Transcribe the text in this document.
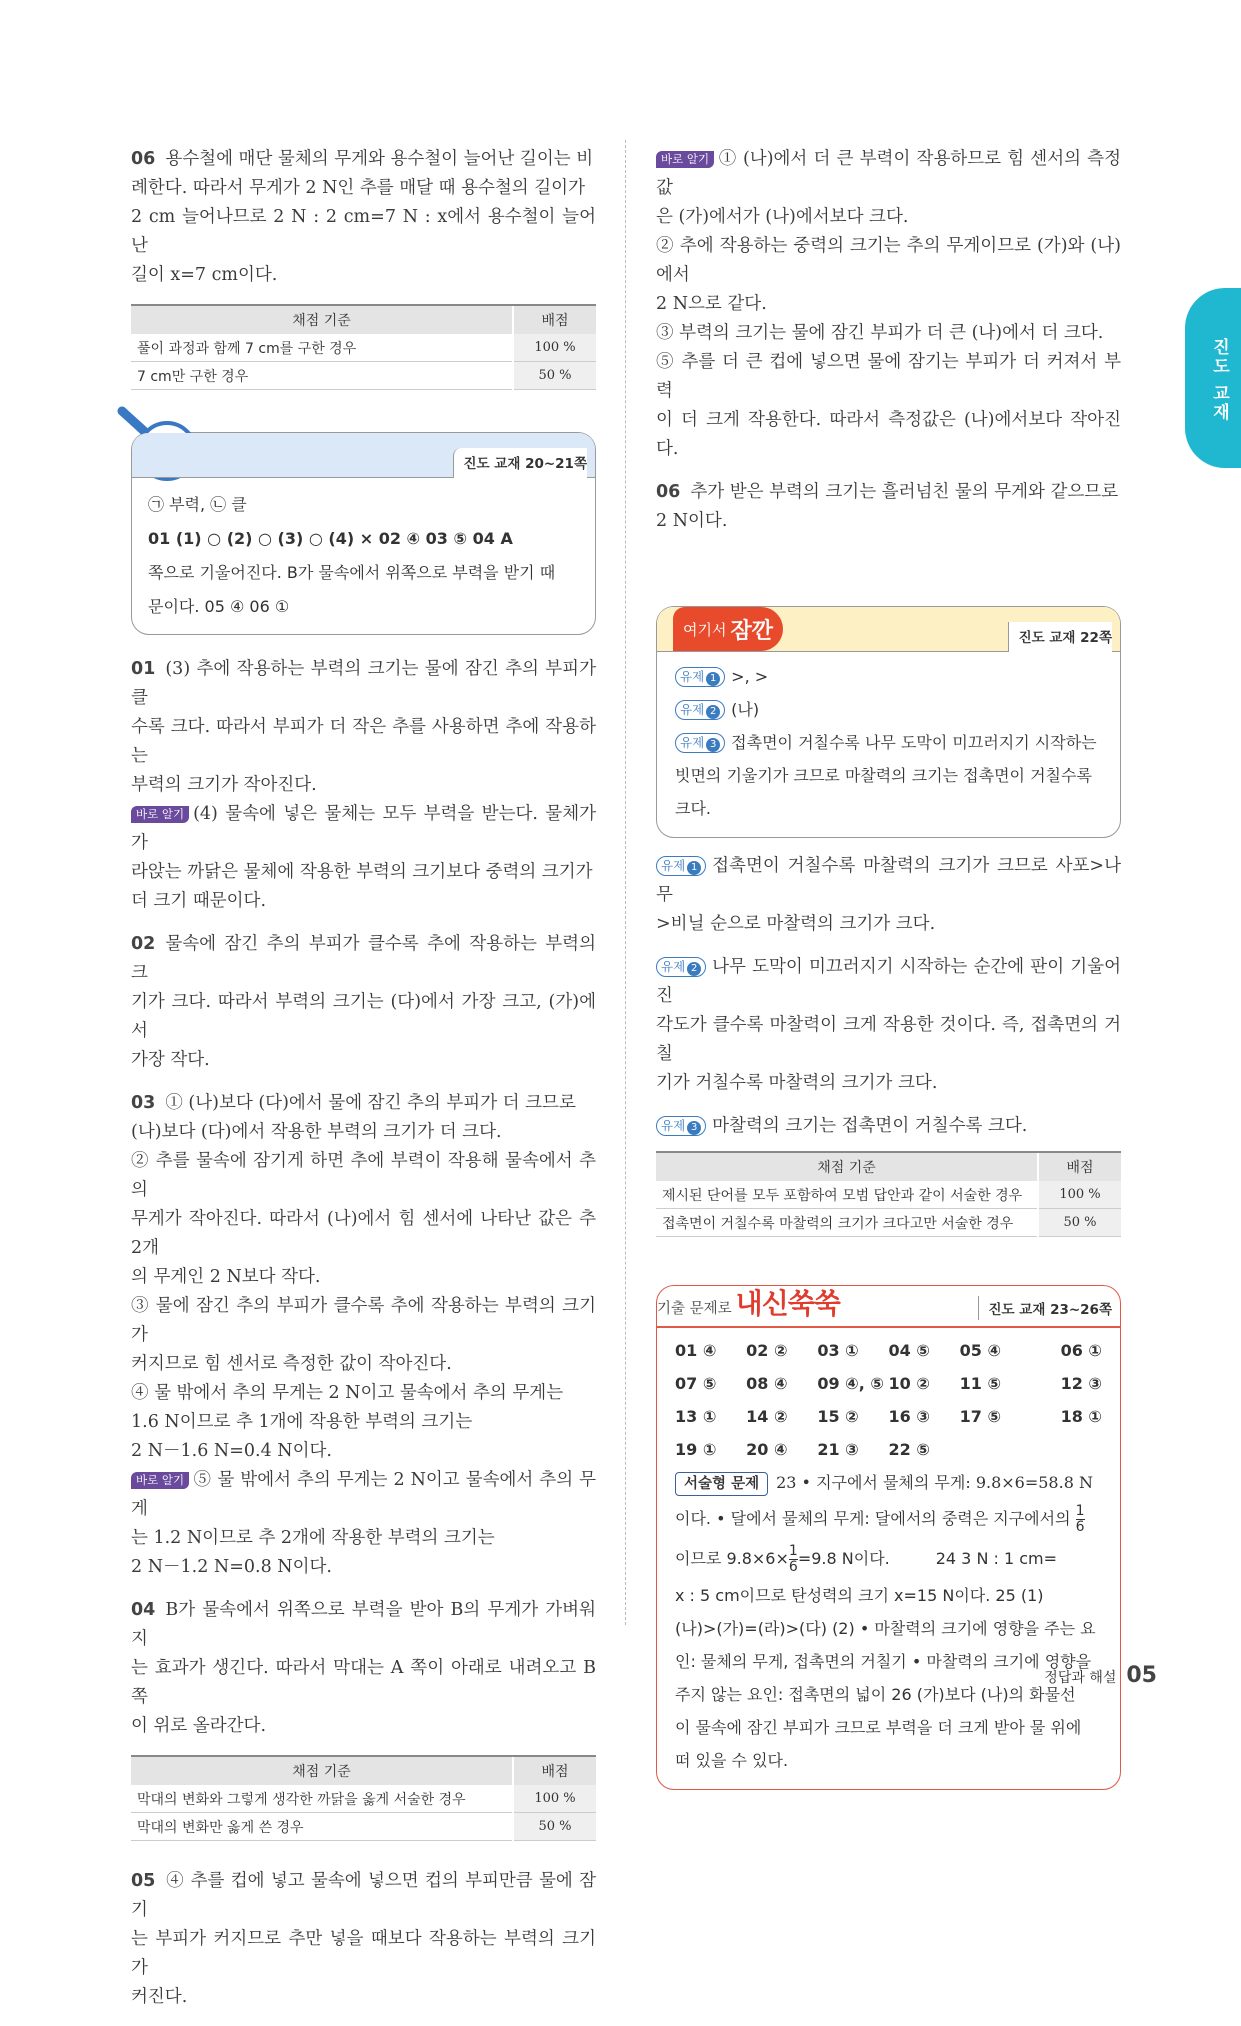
06 용수철에 매단 물체의 무게와 용수철이 늘어난 길이는 비
례한다. 따라서 무게가 2 N인 추를 매달 때 용수철의 길이가
2 cm 늘어나므로 2 N : 2 cm=7 N : x에서 용수철이 늘어난
길이 x=7 cm이다.

채점 기준	배점
풀이 과정과 함께 7 cm를 구한 경우	100 %
7 cm만 구한 경우	50 %
진도 교재 20~21쪽
㉠ 부력, ㉡ 클
01 (1) ○ (2) ○ (3) ○ (4) × 02 ④ 03 ⑤ 04 A
쪽으로 기울어진다. B가 물속에서 위쪽으로 부력을 받기 때
문이다. 05 ④ 06 ①

01 (3) 추에 작용하는 부력의 크기는 물에 잠긴 추의 부피가 클
수록 크다. 따라서 부피가 더 작은 추를 사용하면 추에 작용하는
부력의 크기가 작아진다.
바로 알기 (4) 물속에 넣은 물체는 모두 부력을 받는다. 물체가 가
라앉는 까닭은 물체에 작용한 부력의 크기보다 중력의 크기가
더 크기 때문이다.

02 물속에 잠긴 추의 부피가 클수록 추에 작용하는 부력의 크
기가 크다. 따라서 부력의 크기는 (다)에서 가장 크고, (가)에서
가장 작다.

03 ① (나)보다 (다)에서 물에 잠긴 추의 부피가 더 크므로
(나)보다 (다)에서 작용한 부력의 크기가 더 크다.
② 추를 물속에 잠기게 하면 추에 부력이 작용해 물속에서 추의
무게가 작아진다. 따라서 (나)에서 힘 센서에 나타난 값은 추 2개
의 무게인 2 N보다 작다.
③ 물에 잠긴 추의 부피가 클수록 추에 작용하는 부력의 크기가
커지므로 힘 센서로 측정한 값이 작아진다.
④ 물 밖에서 추의 무게는 2 N이고 물속에서 추의 무게는
1.6 N이므로 추 1개에 작용한 부력의 크기는
2 N－1.6 N=0.4 N이다.
바로 알기 ⑤ 물 밖에서 추의 무게는 2 N이고 물속에서 추의 무게
는 1.2 N이므로 추 2개에 작용한 부력의 크기는
2 N－1.2 N=0.8 N이다.

04 B가 물속에서 위쪽으로 부력을 받아 B의 무게가 가벼워지
는 효과가 생긴다. 따라서 막대는 A 쪽이 아래로 내려오고 B 쪽
이 위로 올라간다.

채점 기준	배점
막대의 변화와 그렇게 생각한 까닭을 옳게 서술한 경우	100 %
막대의 변화만 옳게 쓴 경우	50 %

05 ④ 추를 컵에 넣고 물속에 넣으면 컵의 부피만큼 물에 잠기
는 부피가 커지므로 추만 넣을 때보다 작용하는 부력의 크기가
커진다.

바로 알기 ① (나)에서 더 큰 부력이 작용하므로 힘 센서의 측정값
은 (가)에서가 (나)에서보다 크다.
② 추에 작용하는 중력의 크기는 추의 무게이므로 (가)와 (나)에서
2 N으로 같다.
③ 부력의 크기는 물에 잠긴 부피가 더 큰 (나)에서 더 크다.
⑤ 추를 더 큰 컵에 넣으면 물에 잠기는 부피가 더 커져서 부력
이 더 크게 작용한다. 따라서 측정값은 (나)에서보다 작아진다.

06 추가 받은 부력의 크기는 흘러넘친 물의 무게와 같으므로
2 N이다.

여기서 잠깐	진도 교재 22쪽
유제 1 >, >
유제 2 (나)
유제 3 접촉면이 거칠수록 나무 도막이 미끄러지기 시작하는
빗면의 기울기가 크므로 마찰력의 크기는 접촉면이 거칠수록
크다.

유제 1 접촉면이 거칠수록 마찰력의 크기가 크므로 사포>나무
>비닐 순으로 마찰력의 크기가 크다.

유제 2 나무 도막이 미끄러지기 시작하는 순간에 판이 기울어진
각도가 클수록 마찰력이 크게 작용한 것이다. 즉, 접촉면의 거칠
기가 거칠수록 마찰력의 크기가 크다.

유제 3 마찰력의 크기는 접촉면이 거칠수록 크다.

채점 기준	배점
제시된 단어를 모두 포함하여 모범 답안과 같이 서술한 경우	100 %
접촉면이 거칠수록 마찰력의 크기가 크다고만 서술한 경우	50 %
기출 문제로 내신쑥쑥	진도 교재 23~26쪽
01 ④	02 ②	03 ①	04 ⑤	05 ④	06 ①
07 ⑤	08 ④	09 ④, ⑤ 10 ②	11 ⑤	12 ③
13 ①	14 ②	15 ②	16 ③	17 ⑤	18 ①
19 ①	20 ④	21 ③	22 ⑤
서술형 문제 23 • 지구에서 물체의 무게: 9.8×6=58.8 N
이다. • 달에서 물체의 무게: 달에서의 중력은 지구에서의 $\frac{1}{6}$
이므로 $9.8\times 6\times \frac{1}{6} =9.8$ N이다.	24 3 N : 1 cm=
x : 5 cm이므로 탄성력의 크기 x=15 N이다. 25 (1)
(나)>(가)=(라)>(다) (2) • 마찰력의 크기에 영향을 주는 요
인: 물체의 무게, 접촉면의 거칠기 • 마찰력의 크기에 영향을
주지 않는 요인: 접촉면의 넓이 26 (가)보다 (나)의 화물선
이 물속에 잠긴 부피가 크므로 부력을 더 크게 받아 물 위에
떠 있을 수 있다.
진도 교재
정답과 해설 05
